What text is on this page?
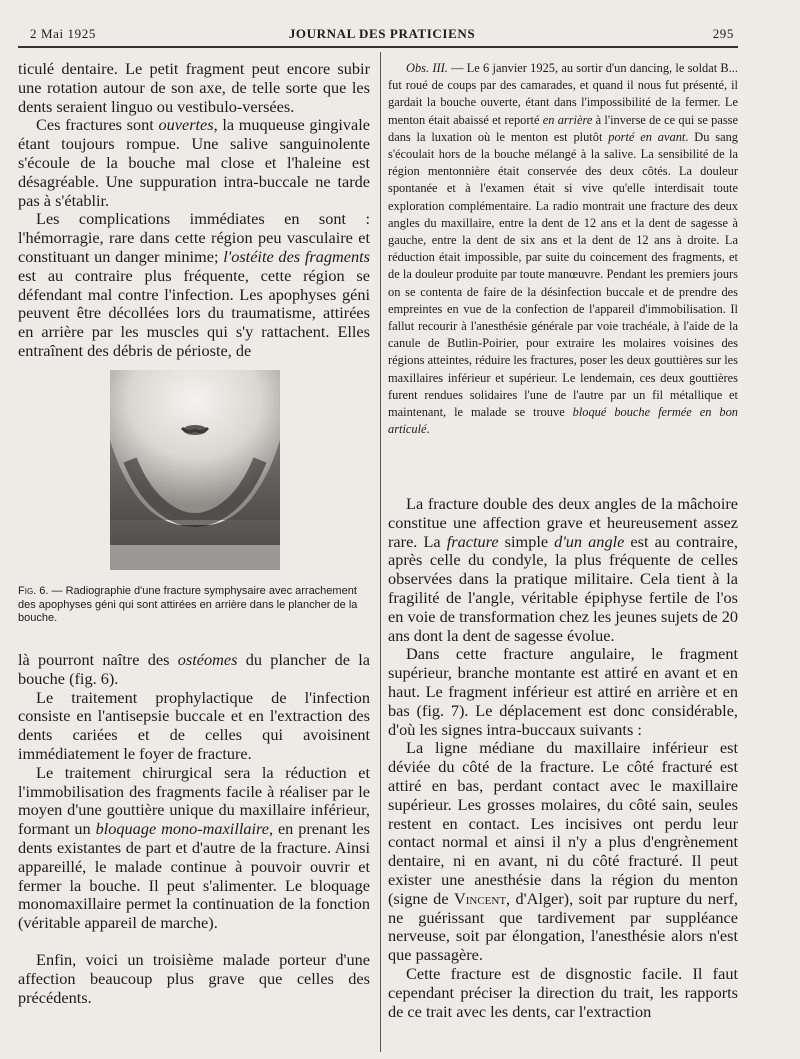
2 Mai 1925	JOURNAL DES PRATICIENS	295

ticulé dentaire. Le petit fragment peut encore subir une rotation autour de son axe, de telle sorte que les dents seraient linguo ou vestibulo-versées.

Ces fractures sont ouvertes, la muqueuse gingivale étant toujours rompue. Une salive sanguinolente s'écoule de la bouche mal close et l'haleine est désagréable. Une suppuration intra-buccale ne tarde pas à s'établir.

Les complications immédiates en sont : l'hémorragie, rare dans cette région peu vasculaire et constituant un danger minime; l'ostéite des fragments est au contraire plus fréquente, cette région se défendant mal contre l'infection. Les apophyses géni peuvent être décollées lors du traumatisme, attirées en arrière par les muscles qui s'y rattachent. Elles entraînent des débris de périoste, de

Fig. 6. — Radiographie d'une fracture symphysaire avec arrachement des apophyses géni qui sont attirées en arrière dans le plancher de la bouche.

là pourront naître des ostéomes du plancher de la bouche (fig. 6).

Le traitement prophylactique de l'infection consiste en l'antisepsie buccale et en l'extraction des dents cariées et de celles qui avoisinent immédiatement le foyer de fracture.

Le traitement chirurgical sera la réduction et l'immobilisation des fragments facile à réaliser par le moyen d'une gouttière unique du maxillaire inférieur, formant un bloquage mono-maxillaire, en prenant les dents existantes de part et d'autre de la fracture. Ainsi appareillé, le malade continue à pouvoir ouvrir et fermer la bouche. Il peut s'alimenter. Le bloquage monomaxillaire permet la continuation de la fonction (véritable appareil de marche).

Enfin, voici un troisième malade porteur d'une affection beaucoup plus grave que celles des précédents.

Obs. III. — Le 6 janvier 1925, au sortir d'un dancing, le soldat B... fut roué de coups par des camarades, et quand il nous fut présenté, il gardait la bouche ouverte, étant dans l'impossibilité de la fermer. Le menton était abaissé et reporté en arrière à l'inverse de ce qui se passe dans la luxation où le menton est plutôt porté en avant. Du sang s'écoulait hors de la bouche mélangé à la salive. La sensibilité de la région mentonnière était conservée des deux côtés. La douleur spontanée et à l'examen était si vive qu'elle interdisait toute exploration complémentaire. La radio montrait une fracture des deux angles du maxillaire, entre la dent de 12 ans et la dent de sagesse à gauche, entre la dent de six ans et la dent de 12 ans à droite. La réduction était impossible, par suite du coincement des fragments, et de la douleur produite par toute manœuvre. Pendant les premiers jours on se contenta de faire de la désinfection buccale et de prendre des empreintes en vue de la confection de l'appareil d'immobilisation. Il fallut recourir à l'anesthésie générale par voie trachéale, à l'aide de la canule de Butlin-Poirier, pour extraire les molaires voisines des régions atteintes, réduire les fractures, poser les deux gouttières sur les maxillaires inférieur et supérieur. Le lendemain, ces deux gouttières furent rendues solidaires l'une de l'autre par un fil métallique et maintenant, le malade se trouve bloqué bouche fermée en bon articulé.

La fracture double des deux angles de la mâchoire constitue une affection grave et heureusement assez rare. La fracture simple d'un angle est au contraire, après celle du condyle, la plus fréquente de celles observées dans la pratique militaire. Cela tient à la fragilité de l'angle, véritable épiphyse fertile de l'os en voie de transformation chez les jeunes sujets de 20 ans dont la dent de sagesse évolue.

Dans cette fracture angulaire, le fragment supérieur, branche montante est attiré en avant et en haut. Le fragment inférieur est attiré en arrière et en bas (fig. 7). Le déplacement est donc considérable, d'où les signes intra-buccaux suivants :

La ligne médiane du maxillaire inférieur est déviée du côté de la fracture. Le côté fracturé est attiré en bas, perdant contact avec le maxillaire supérieur. Les grosses molaires, du côté sain, seules restent en contact. Les incisives ont perdu leur contact normal et ainsi il n'y a plus d'engrènement dentaire, ni en avant, ni du côté fracturé. Il peut exister une anesthésie dans la région du menton (signe de Vincent, d'Alger), soit par rupture du nerf, ne guérissant que tardivement par suppléance nerveuse, soit par élongation, l'anesthésie alors n'est que passagère.

Cette fracture est de disgnostic facile. Il faut cependant préciser la direction du trait, les rapports de ce trait avec les dents, car l'extraction
